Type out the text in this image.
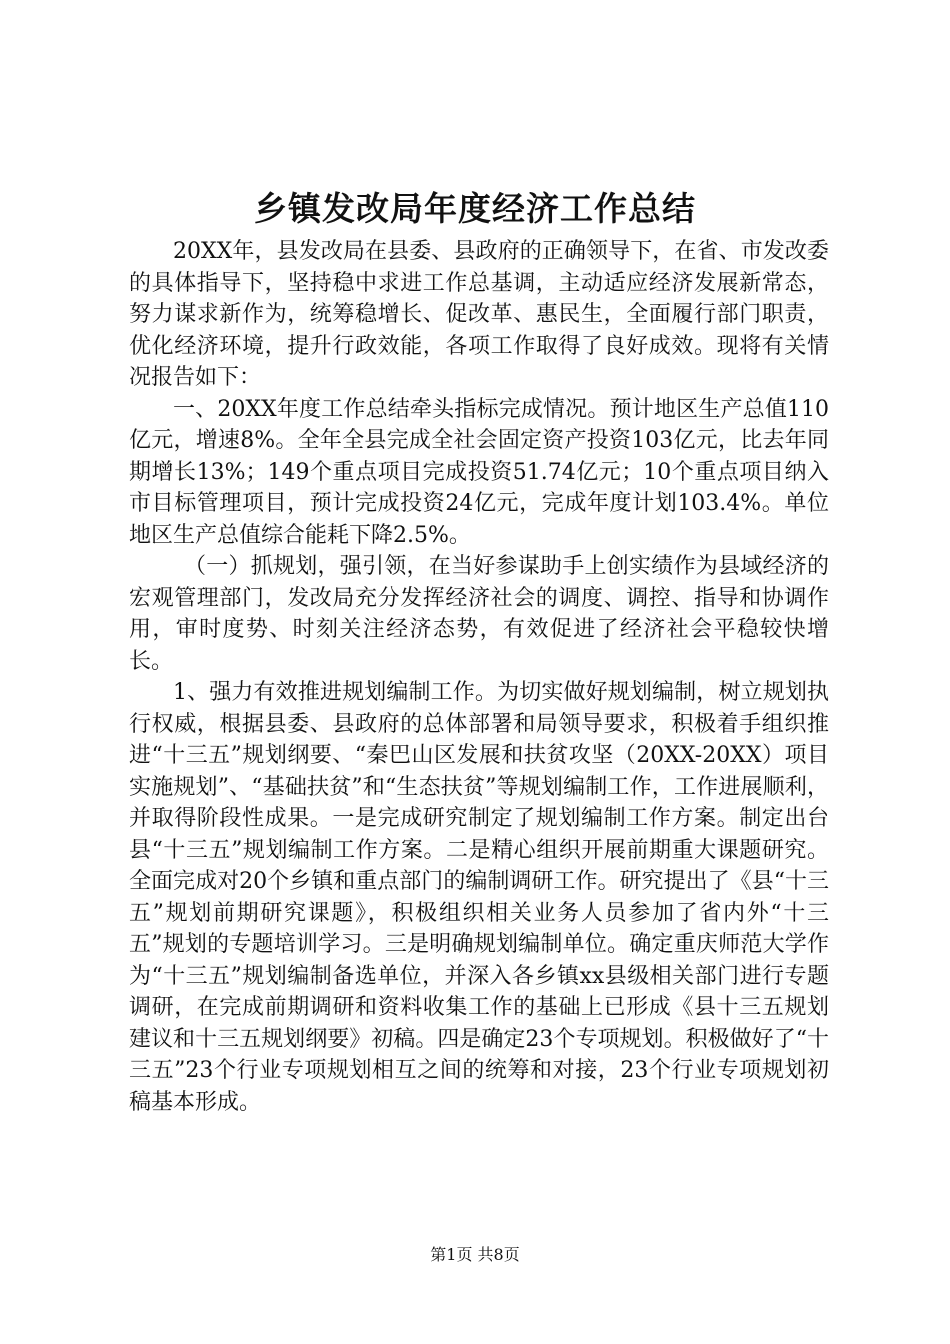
乡镇发改局年度经济工作总结

20XX年，县发改局在县委、县政府的正确领导下，在省、市发改委的具体指导下，坚持稳中求进工作总基调，主动适应经济发展新常态，努力谋求新作为，统筹稳增长、促改革、惠民生，全面履行部门职责，优化经济环境，提升行政效能，各项工作取得了良好成效。现将有关情况报告如下：

一、20XX年度工作总结牵头指标完成情况。预计地区生产总值110亿元，增速8%。全年全县完成全社会固定资产投资103亿元，比去年同期增长13%；149个重点项目完成投资51.74亿元；10个重点项目纳入市目标管理项目，预计完成投资24亿元，完成年度计划103.4%。单位地区生产总值综合能耗下降2.5%。

（一）抓规划，强引领，在当好参谋助手上创实绩作为县域经济的宏观管理部门，发改局充分发挥经济社会的调度、调控、指导和协调作用，审时度势、时刻关注经济态势，有效促进了经济社会平稳较快增长。

1、强力有效推进规划编制工作。为切实做好规划编制，树立规划执行权威，根据县委、县政府的总体部署和局领导要求，积极着手组织推进“十三五”规划纲要、“秦巴山区发展和扶贫攻坚（20XX-20XX）项目实施规划”、“基础扶贫”和“生态扶贫”等规划编制工作，工作进展顺利，并取得阶段性成果。一是完成研究制定了规划编制工作方案。制定出台县“十三五”规划编制工作方案。二是精心组织开展前期重大课题研究。全面完成对20个乡镇和重点部门的编制调研工作。研究提出了《县“十三五”规划前期研究课题》，积极组织相关业务人员参加了省内外“十三五”规划的专题培训学习。三是明确规划编制单位。确定重庆师范大学作为“十三五”规划编制备选单位，并深入各乡镇xx县级相关部门进行专题调研，在完成前期调研和资料收集工作的基础上已形成《县十三五规划建议和十三五规划纲要》初稿。四是确定23个专项规划。积极做好了“十三五”23个行业专项规划相互之间的统筹和对接，23个行业专项规划初稿基本形成。

第1页 共8页
